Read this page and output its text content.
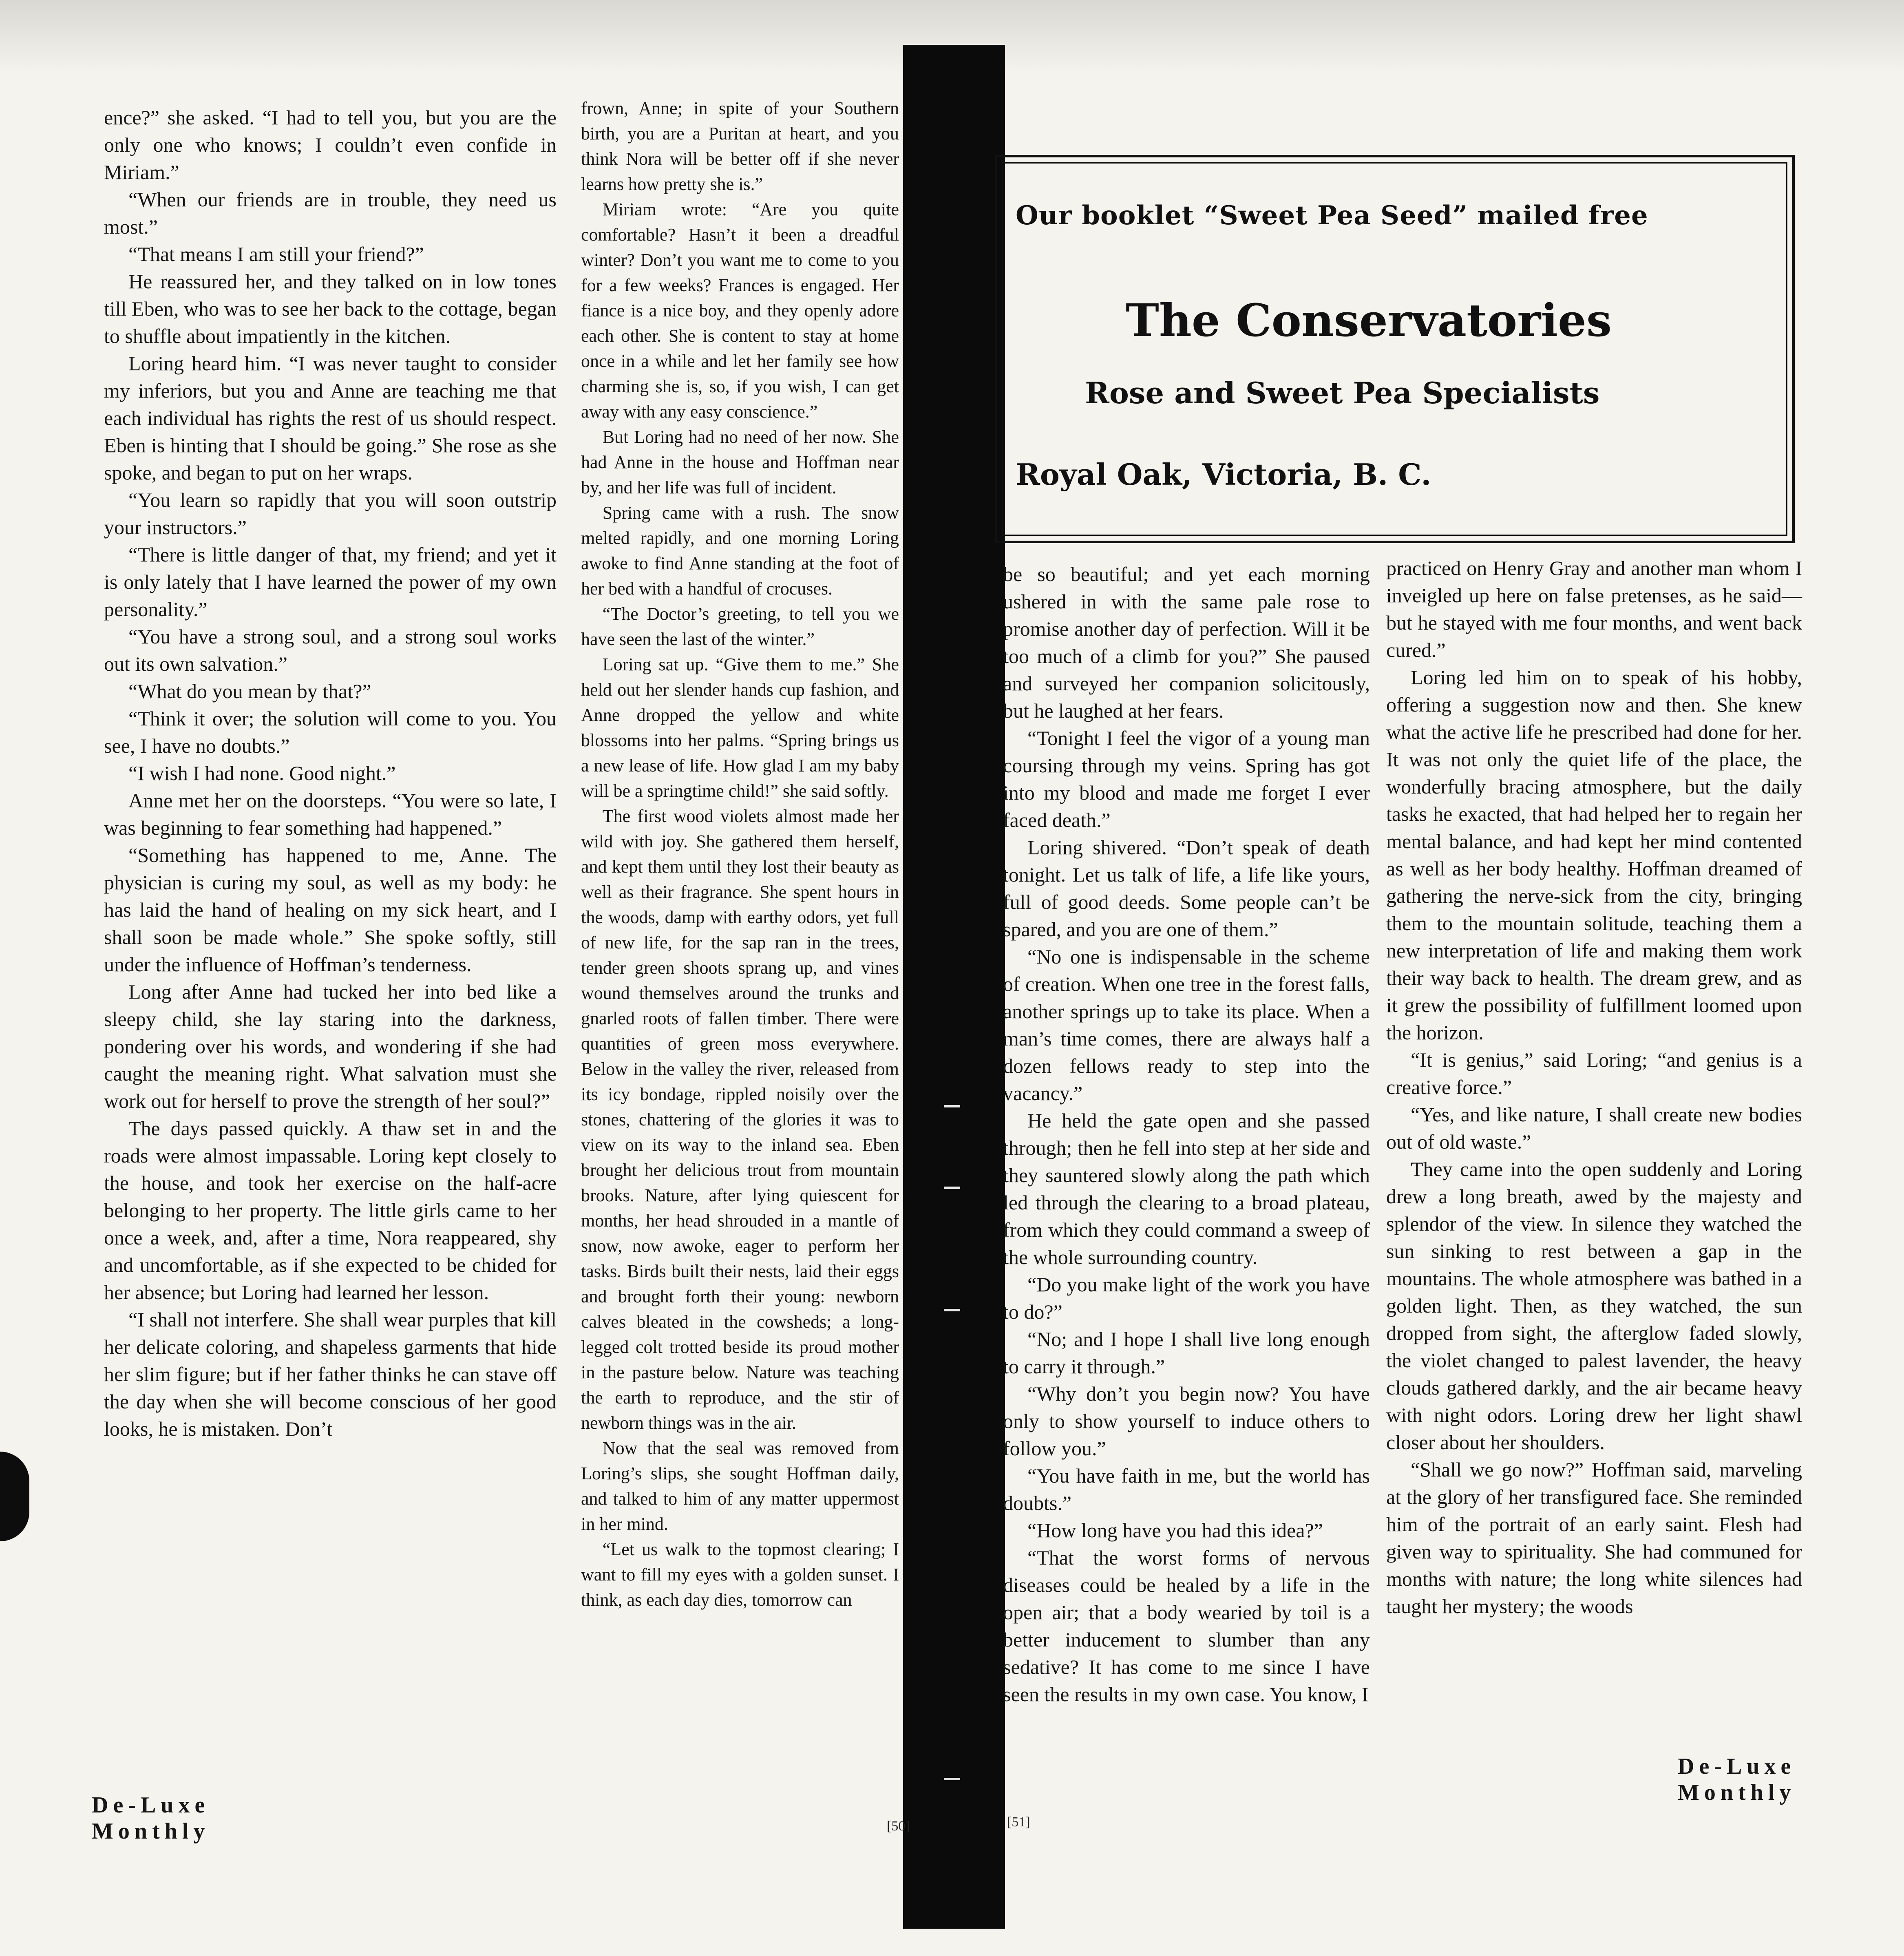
ence?” she asked. “I had to tell you, but you are the only one who knows; I couldn’t even confide in Miriam.”

“When our friends are in trouble, they need us most.”

“That means I am still your friend?”

He reassured her, and they talked on in low tones till Eben, who was to see her back to the cottage, began to shuffle about impatiently in the kitchen.

Loring heard him. “I was never taught to consider my inferiors, but you and Anne are teaching me that each individual has rights the rest of us should respect. Eben is hinting that I should be going.” She rose as she spoke, and began to put on her wraps.

“You learn so rapidly that you will soon outstrip your instructors.”

“There is little danger of that, my friend; and yet it is only lately that I have learned the power of my own personality.”

“You have a strong soul, and a strong soul works out its own salvation.”

“What do you mean by that?”

“Think it over; the solution will come to you. You see, I have no doubts.”

“I wish I had none. Good night.”

Anne met her on the doorsteps. “You were so late, I was beginning to fear something had happened.”

“Something has happened to me, Anne. The physician is curing my soul, as well as my body: he has laid the hand of healing on my sick heart, and I shall soon be made whole.” She spoke softly, still under the influence of Hoffman’s tenderness.

Long after Anne had tucked her into bed like a sleepy child, she lay staring into the darkness, pondering over his words, and wondering if she had caught the meaning right. What salvation must she work out for herself to prove the strength of her soul?”

The days passed quickly. A thaw set in and the roads were almost impassable. Loring kept closely to the house, and took her exercise on the half-acre belonging to her property. The little girls came to her once a week, and, after a time, Nora reappeared, shy and uncomfortable, as if she expected to be chided for her absence; but Loring had learned her lesson.

“I shall not interfere. She shall wear purples that kill her delicate coloring, and shapeless garments that hide her slim figure; but if her father thinks he can stave off the day when she will become conscious of her good looks, he is mistaken. Don’t

frown, Anne; in spite of your Southern birth, you are a Puritan at heart, and you think Nora will be better off if she never learns how pretty she is.”

Miriam wrote: “Are you quite comfortable? Hasn’t it been a dreadful winter? Don’t you want me to come to you for a few weeks? Frances is engaged. Her fiance is a nice boy, and they openly adore each other. She is content to stay at home once in a while and let her family see how charming she is, so, if you wish, I can get away with any easy conscience.”

But Loring had no need of her now. She had Anne in the house and Hoffman near by, and her life was full of incident.

Spring came with a rush. The snow melted rapidly, and one morning Loring awoke to find Anne standing at the foot of her bed with a handful of crocuses.

“The Doctor’s greeting, to tell you we have seen the last of the winter.”

Loring sat up. “Give them to me.” She held out her slender hands cup fashion, and Anne dropped the yellow and white blossoms into her palms. “Spring brings us a new lease of life. How glad I am my baby will be a springtime child!” she said softly.

The first wood violets almost made her wild with joy. She gathered them herself, and kept them until they lost their beauty as well as their fragrance. She spent hours in the woods, damp with earthy odors, yet full of new life, for the sap ran in the trees, tender green shoots sprang up, and vines wound themselves around the trunks and gnarled roots of fallen timber. There were quantities of green moss everywhere. Below in the valley the river, released from its icy bondage, rippled noisily over the stones, chattering of the glories it was to view on its way to the inland sea. Eben brought her delicious trout from mountain brooks. Nature, after lying quiescent for months, her head shrouded in a mantle of snow, now awoke, eager to perform her tasks. Birds built their nests, laid their eggs and brought forth their young: newborn calves bleated in the cowsheds; a long-legged colt trotted beside its proud mother in the pasture below. Nature was teaching the earth to reproduce, and the stir of newborn things was in the air.

Now that the seal was removed from Loring’s slips, she sought Hoffman daily, and talked to him of any matter uppermost in her mind.

“Let us walk to the topmost clearing; I want to fill my eyes with a golden sunset. I think, as each day dies, tomorrow can

Our booklet “Sweet Pea Seed” mailed free
The Conservatories
Rose and Sweet Pea Specialists
Royal Oak, Victoria, B. C.

be so beautiful; and yet each morning ushered in with the same pale rose to promise another day of perfection. Will it be too much of a climb for you?” She paused and surveyed her companion solicitously, but he laughed at her fears.

“Tonight I feel the vigor of a young man coursing through my veins. Spring has got into my blood and made me forget I ever faced death.”

Loring shivered. “Don’t speak of death tonight. Let us talk of life, a life like yours, full of good deeds. Some people can’t be spared, and you are one of them.”

“No one is indispensable in the scheme of creation. When one tree in the forest falls, another springs up to take its place. When a man’s time comes, there are always half a dozen fellows ready to step into the vacancy.”

He held the gate open and she passed through; then he fell into step at her side and they sauntered slowly along the path which led through the clearing to a broad plateau, from which they could command a sweep of the whole surrounding country.

“Do you make light of the work you have to do?”

“No; and I hope I shall live long enough to carry it through.”

“Why don’t you begin now? You have only to show yourself to induce others to follow you.”

“You have faith in me, but the world has doubts.”

“How long have you had this idea?”

“That the worst forms of nervous diseases could be healed by a life in the open air; that a body wearied by toil is a better inducement to slumber than any sedative? It has come to me since I have seen the results in my own case. You know, I

practiced on Henry Gray and another man whom I inveigled up here on false pretenses, as he said—but he stayed with me four months, and went back cured.”

Loring led him on to speak of his hobby, offering a suggestion now and then. She knew what the active life he prescribed had done for her. It was not only the quiet life of the place, the wonderfully bracing atmosphere, but the daily tasks he exacted, that had helped her to regain her mental balance, and had kept her mind contented as well as her body healthy. Hoffman dreamed of gathering the nerve-sick from the city, bringing them to the mountain solitude, teaching them a new interpretation of life and making them work their way back to health. The dream grew, and as it grew the possibility of fulfillment loomed upon the horizon.

“It is genius,” said Loring; “and genius is a creative force.”

“Yes, and like nature, I shall create new bodies out of old waste.”

They came into the open suddenly and Loring drew a long breath, awed by the majesty and splendor of the view. In silence they watched the sun sinking to rest between a gap in the mountains. The whole atmosphere was bathed in a golden light. Then, as they watched, the sun dropped from sight, the afterglow faded slowly, the violet changed to palest lavender, the heavy clouds gathered darkly, and the air became heavy with night odors. Loring drew her light shawl closer about her shoulders.

“Shall we go now?” Hoffman said, marveling at the glory of her transfigured face. She reminded him of the portrait of an early saint. Flesh had given way to spirituality. She had communed for months with nature; the long white silences had taught her mystery; the woods

De-Luxe
Monthly
De-Luxe
Monthly
[50]	[51]
